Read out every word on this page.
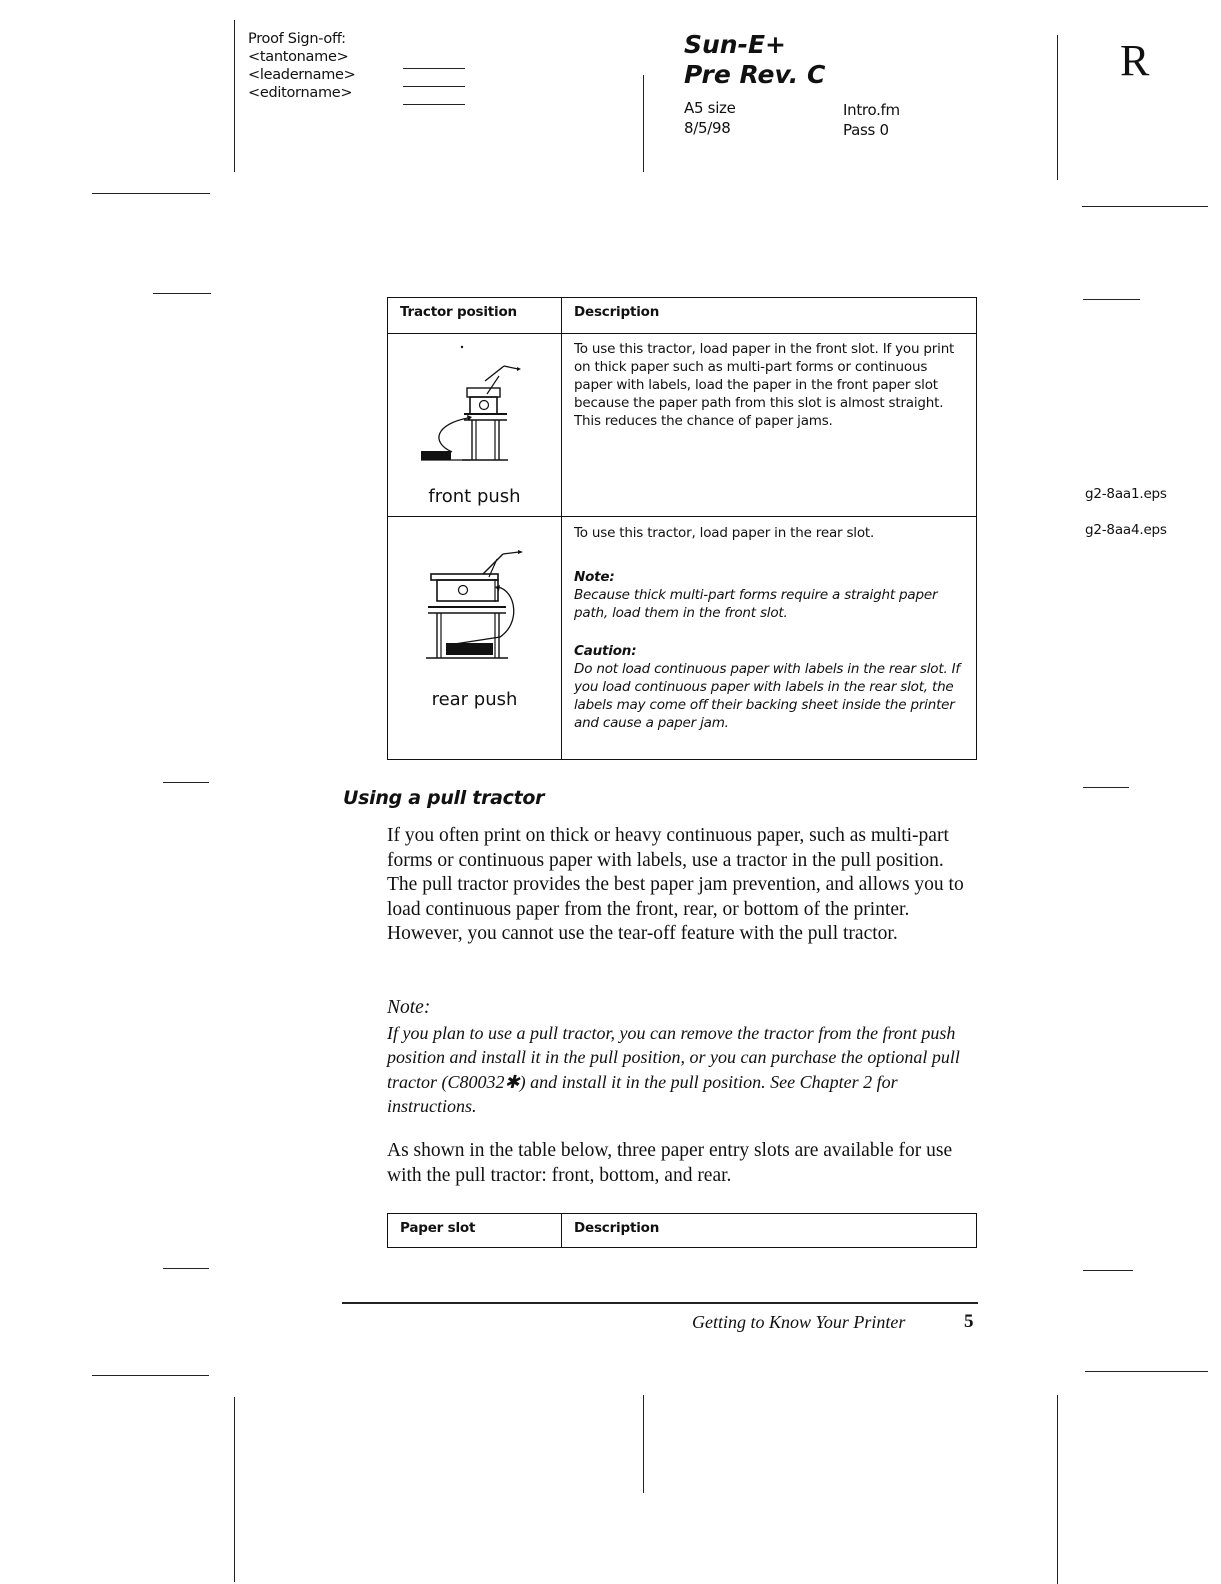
Proof Sign-off:
<tantoname>
<leadername>
<editorname>
Sun-E+
Pre Rev. C
A5 size
8/5/98
Intro.fm
Pass 0
R
Tractor position	Description

front push	To use this tractor, load paper in the front slot. If you print on thick paper such as multi-part forms or continuous paper with labels, load the paper in the front paper slot because the paper path from this slot is almost straight. This reduces the chance of paper jams.

rear push	To use this tractor, load paper in the rear slot.

Note:

Because thick multi-part forms require a straight paper path, load them in the front slot.

Caution:

Do not load continuous paper with labels in the rear slot. If you load continuous paper with labels in the rear slot, the labels may come off their backing sheet inside the printer and cause a paper jam.

g2-8aa1.eps
g2-8aa4.eps
Using a pull tractor

If you often print on thick or heavy continuous paper, such as multi-part forms or continuous paper with labels, use a tractor in the pull position. The pull tractor provides the best paper jam prevention, and allows you to load continuous paper from the front, rear, or bottom of the printer. However, you cannot use the tear-off feature with the pull tractor.

Note:

If you plan to use a pull tractor, you can remove the tractor from the front push position and install it in the pull position, or you can purchase the optional pull tractor (C80032✱) and install it in the pull position. See Chapter 2 for instructions.

As shown in the table below, three paper entry slots are available for use with the pull tractor: front, bottom, and rear.

Paper slot	Description
Getting to Know Your Printer	5
